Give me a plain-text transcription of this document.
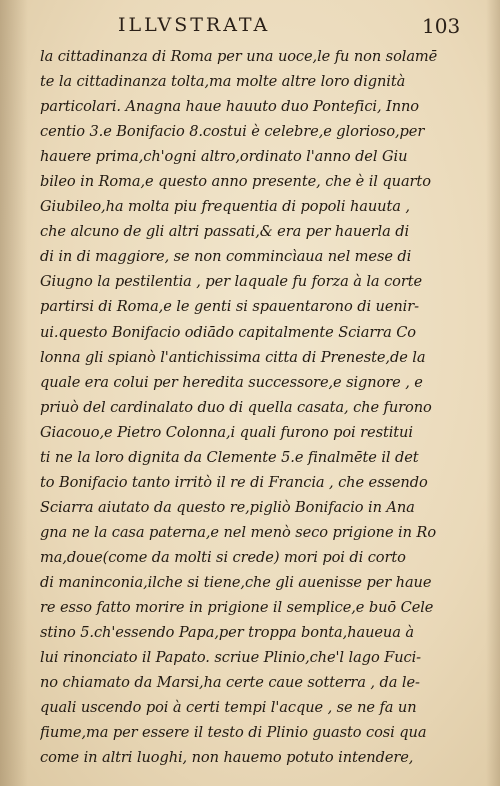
ILLVSTRATA	103
la cittadinanza di Roma per una uoce,le fu non solamē
te la cittadinanza tolta,ma molte altre loro dignità
particolari. Anagna haue hauuto duo Pontefici, Inno
centio 3.e Bonifacio 8.costui è celebre,e glorioso,per
hauere prima,ch'ogni altro,ordinato l'anno del Giu
bileo in Roma,e questo anno presente, che è il quarto
Giubileo,ha molta piu frequentia di popoli hauuta ,
che alcuno de gli altri passati,& era per hauerla di
di in di maggiore, se non commincìaua nel mese di
Giugno la pestilentia , per laquale fu forza à la corte
partirsi di Roma,e le genti si spauentarono di uenir-
ui.questo Bonifacio odiādo capitalmente Sciarra Co
lonna gli spianò l'antichissima citta di Preneste,de la
quale era colui per heredita successore,e signore , e
priuò del cardinalato duo di quella casata, che furono
Giacouo,e Pietro Colonna,i quali furono poi restitui
ti ne la loro dignita da Clemente 5.e finalmēte il det
to Bonifacio tanto irritò il re di Francia , che essendo
Sciarra aiutato da questo re,pigliò Bonifacio in Ana
gna ne la casa paterna,e nel menò seco prigione in Ro
ma,doue(come da molti si crede) mori poi di corto
di maninconia,ilche si tiene,che gli auenisse per haue
re esso fatto morire in prigione il semplice,e buō Cele
stino 5.ch'essendo Papa,per troppa bonta,haueua à
lui rinonciato il Papato. scriue Plinio,che'l lago Fuci-
no chiamato da Marsi,ha certe caue sotterra , da le-
quali uscendo poi à certi tempi l'acque , se ne fa un
fiume,ma per essere il testo di Plinio guasto cosi qua
come in altri luoghi, non hauemo potuto intendere,
